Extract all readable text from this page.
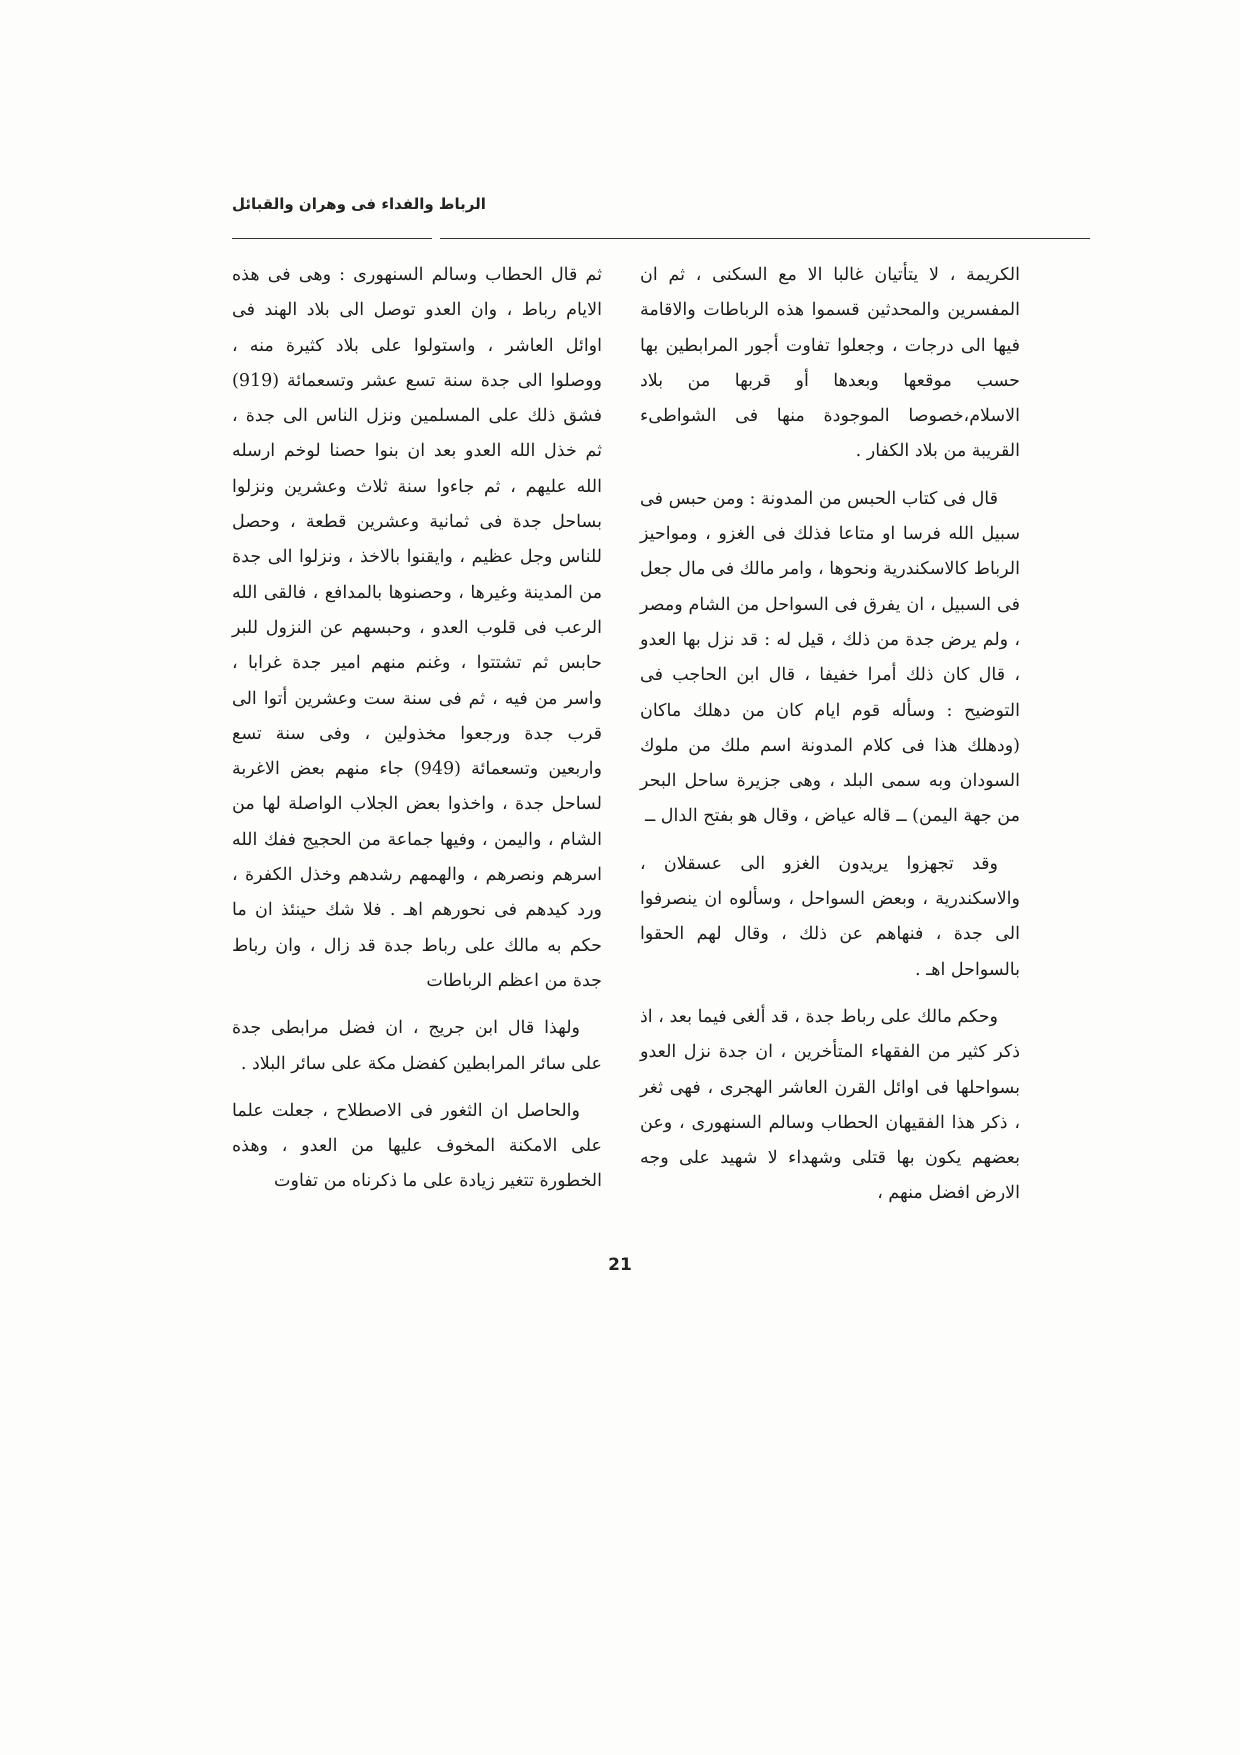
الرباط والفداء فى وهران والقبائل

الكريمة ، لا يتأتيان غالبا الا مع السكنى ، ثم ان المفسرين والمحدثين قسموا هذه الرباطات والاقامة فيها الى درجات ، وجعلوا تفاوت أجور المرابطين بها حسب موقعها وبعدها أو قربها من بلاد الاسلام،خصوصا الموجودة منها فى الشواطىء القريبة من بلاد الكفار .

قال فى كتاب الحبس من المدونة : ومن حبس فى سبيل الله فرسا او متاعا فذلك فى الغزو ، ومواحيز الرباط كالاسكندرية ونحوها ، وامر مالك فى مال جعل فى السبيل ، ان يفرق فى السواحل من الشام ومصر ، ولم يرض جدة من ذلك ، قيل له : قد نزل بها العدو ، قال كان ذلك أمرا خفيفا ، قال ابن الحاجب فى التوضيح : وسأله قوم ايام كان من دهلك ماكان (ودهلك هذا فى كلام المدونة اسم ملك من ملوك السودان وبه سمى البلد ، وهى جزيرة ساحل البحر من جهة اليمن) ــ قاله عياض ، وقال هو بفتح الدال ــ

وقد تجهزوا يريدون الغزو الى عسقلان ، والاسكندرية ، وبعض السواحل ، وسألوه ان ينصرفوا الى جدة ، فنهاهم عن ذلك ، وقال لهم الحقوا بالسواحل اهـ .

وحكم مالك على رباط جدة ، قد ألغى فيما بعد ، اذ ذكر كثير من الفقهاء المتأخرين ، ان جدة نزل العدو بسواحلها فى اوائل القرن العاشر الهجرى ، فهى ثغر ، ذكر هذا الفقيهان الحطاب وسالم السنهورى ، وعن بعضهم يكون بها قتلى وشهداء لا شهيد على وجه الارض افضل منهم ،

ثم قال الحطاب وسالم السنهورى : وهى فى هذه الايام رباط ، وان العدو توصل الى بلاد الهند فى اوائل العاشر ، واستولوا على بلاد كثيرة منه ، ووصلوا الى جدة سنة تسع عشر وتسعمائة (919) فشق ذلك على المسلمين ونزل الناس الى جدة ، ثم خذل الله العدو بعد ان بنوا حصنا لوخم ارسله الله عليهم ، ثم جاءوا سنة ثلاث وعشرين ونزلوا بساحل جدة فى ثمانية وعشرين قطعة ، وحصل للناس وجل عظيم ، وايقنوا بالاخذ ، ونزلوا الى جدة من المدينة وغيرها ، وحصنوها بالمدافع ، فالقى الله الرعب فى قلوب العدو ، وحبسهم عن النزول للبر حابس ثم تشتتوا ، وغنم منهم امير جدة غرابا ، واسر من فيه ، ثم فى سنة ست وعشرين أتوا الى قرب جدة ورجعوا مخذولين ، وفى سنة تسع واربعين وتسعمائة (949) جاء منهم بعض الاغربة لساحل جدة ، واخذوا بعض الجلاب الواصلة لها من الشام ، واليمن ، وفيها جماعة من الحجيج ففك الله اسرهم ونصرهم ، والهمهم رشدهم وخذل الكفرة ، ورد كيدهم فى نحورهم اهـ . فلا شك حينئذ ان ما حكم به مالك على رباط جدة قد زال ، وان رباط جدة من اعظم الرباطات

ولهذا قال ابن جريج ، ان فضل مرابطى جدة على سائر المرابطين كفضل مكة على سائر البلاد .

والحاصل ان الثغور فى الاصطلاح ، جعلت علما على الامكنة المخوف عليها من العدو ، وهذه الخطورة تتغير زيادة على ما ذكرناه من تفاوت

21
